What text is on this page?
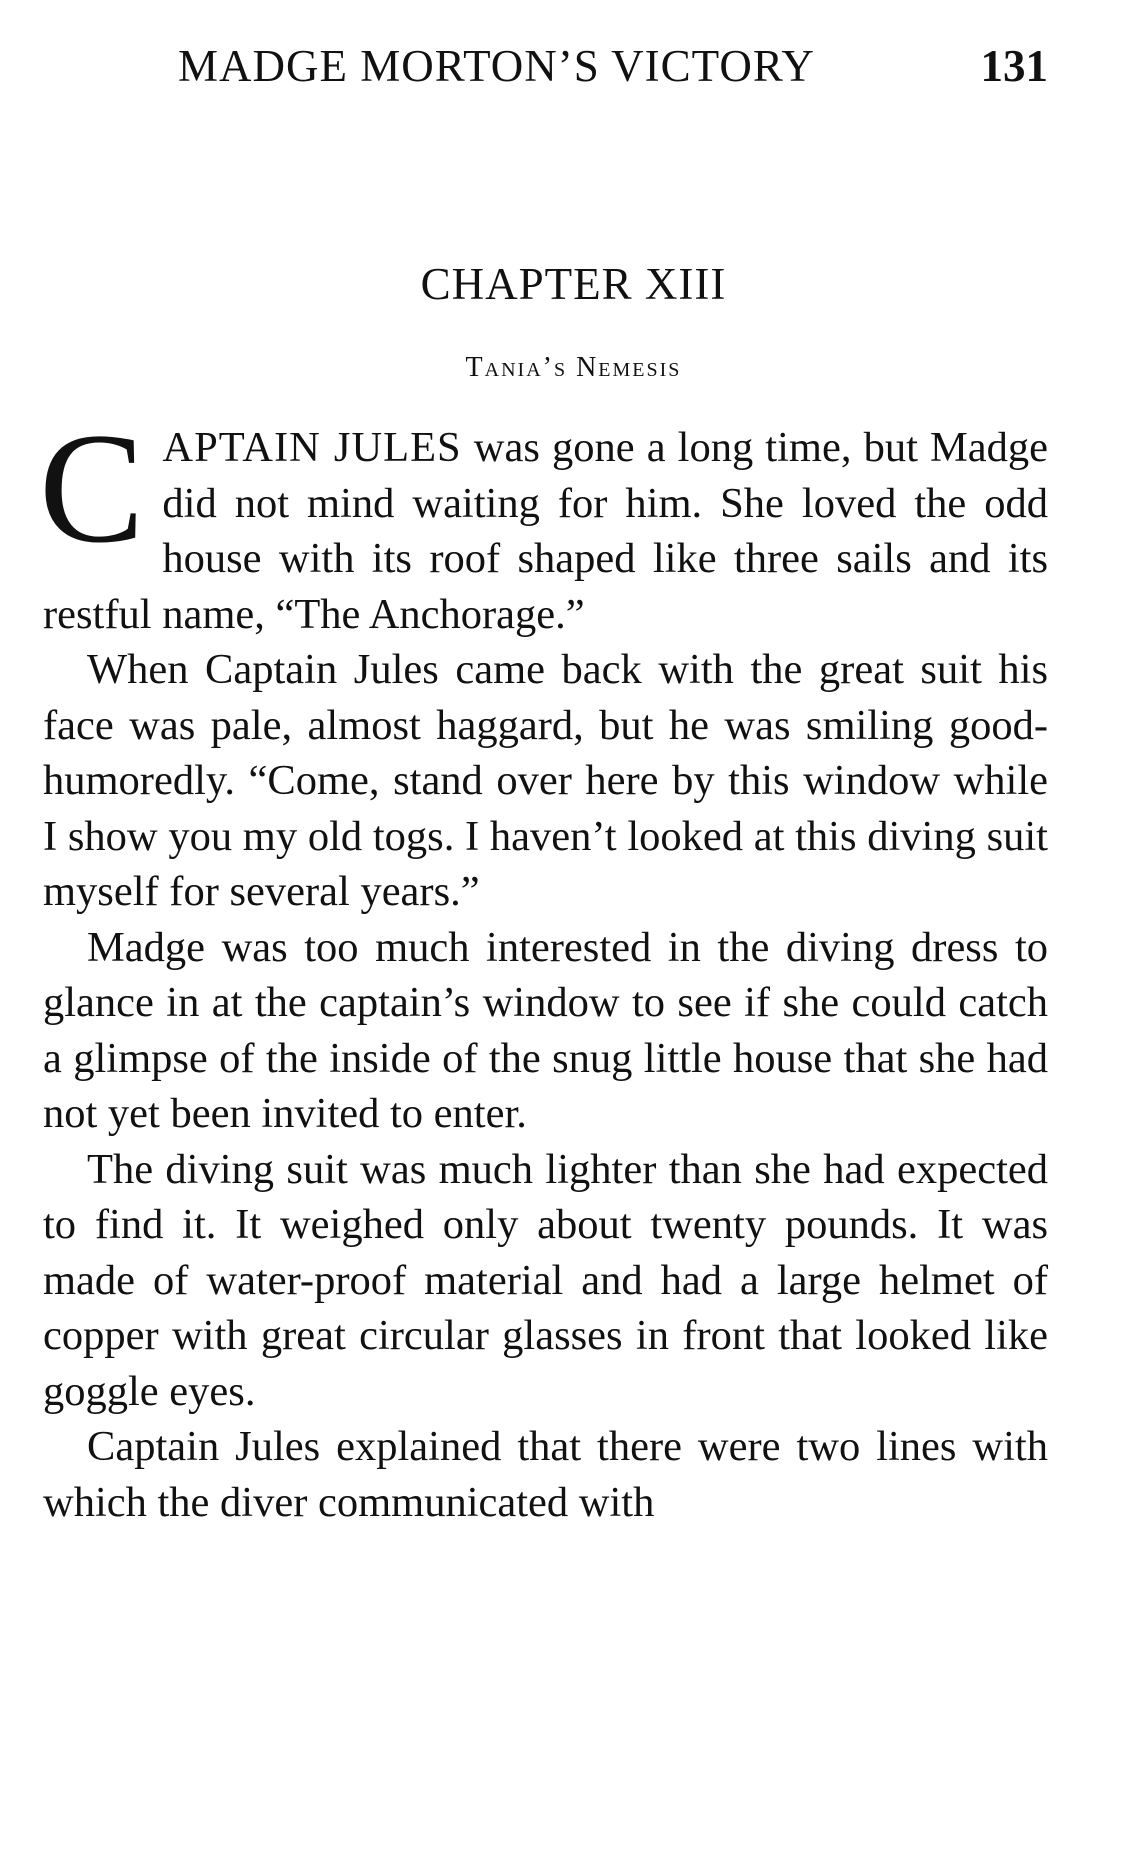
MADGE MORTON’S VICTORY	131
CHAPTER XIII
Tania’s Nemesis

CAPTAIN JULES was gone a long time, but Madge did not mind waiting for him. She loved the odd house with its roof shaped like three sails and its restful name, “The Anchorage.”

When Captain Jules came back with the great suit his face was pale, almost haggard, but he was smiling good-humoredly. “Come, stand over here by this window while I show you my old togs. I haven’t looked at this diving suit myself for several years.”

Madge was too much interested in the diving dress to glance in at the captain’s window to see if she could catch a glimpse of the inside of the snug little house that she had not yet been invited to enter.

The diving suit was much lighter than she had expected to find it. It weighed only about twenty pounds. It was made of water-proof material and had a large helmet of copper with great circular glasses in front that looked like goggle eyes.

Captain Jules explained that there were two lines with which the diver communicated with
